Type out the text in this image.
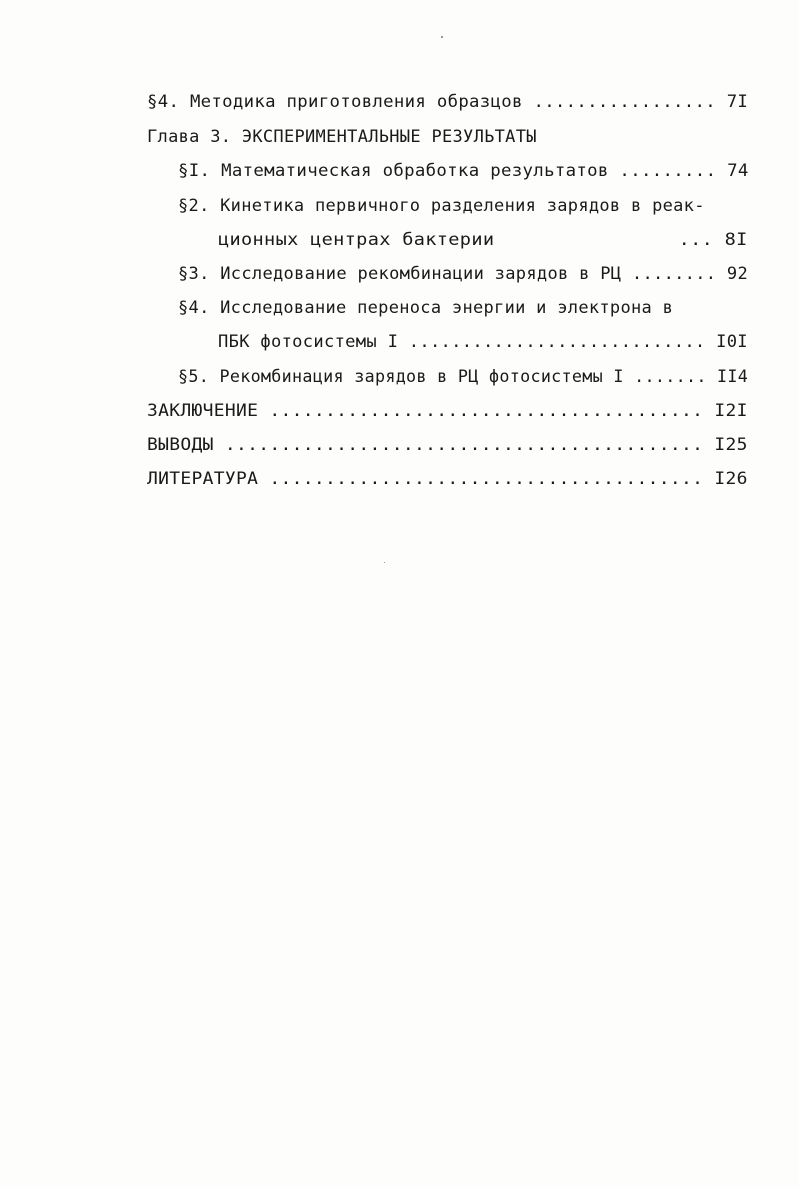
§4. Методика приготовления образцов ................. 7I
Глава 3. ЭКСПЕРИМЕНТАЛЬНЫЕ РЕЗУЛЬТАТЫ
§I. Математическая обработка результатов ......... 74
§2. Кинетика первичного разделения зарядов в реак-
ционных центрах бактерии                ... 8I
§3. Исследование рекомбинации зарядов в РЦ ........ 92
§4. Исследование переноса энергии и электрона в
ПБК фотосистемы I ............................ I0I
§5. Рекомбинация зарядов в РЦ фотосистемы I ....... II4
ЗАКЛЮЧЕНИЕ ....................................... I2I
ВЫВОДЫ ........................................... I25
ЛИТЕРАТУРА ....................................... I26
